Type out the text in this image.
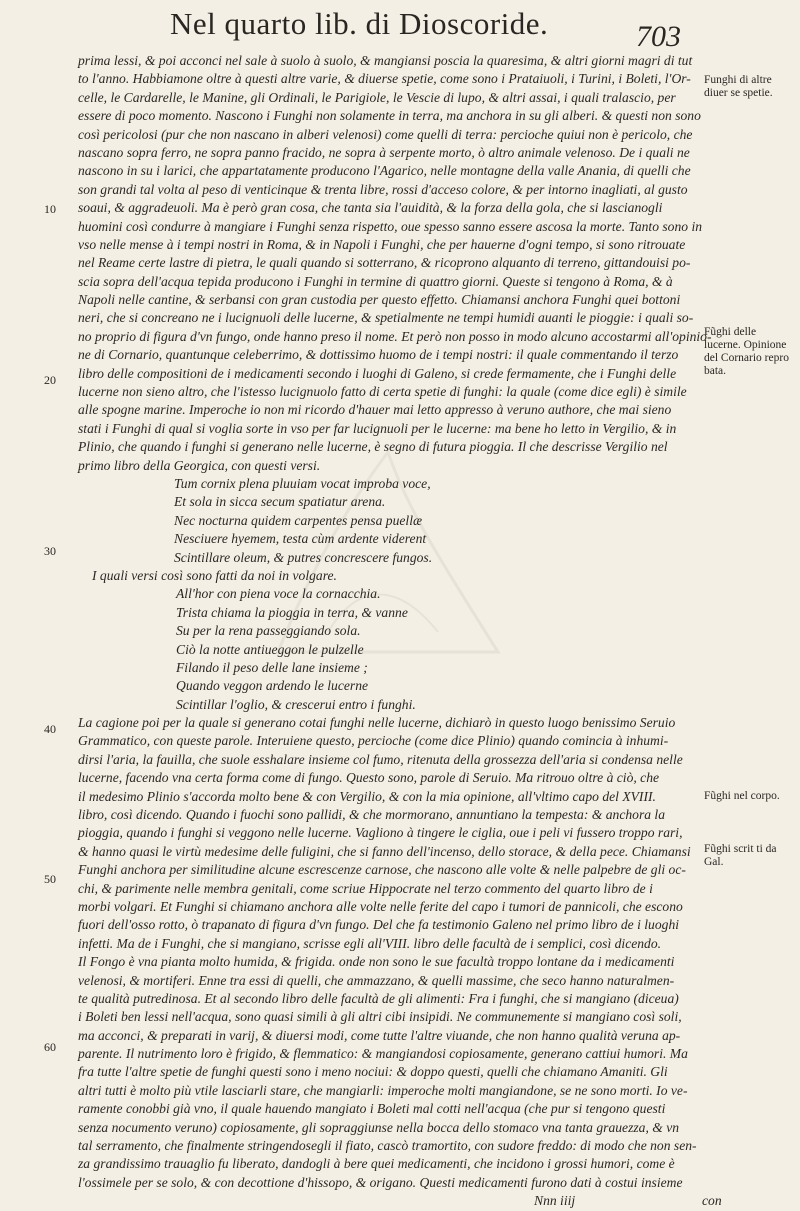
Nel quarto lib. di Dioscoride.	703
prima lessi, & poi acconci nel sale à suolo à suolo, & mangiansi poscia la quaresima, & altri giorni magri di tut
to l'anno. Habbiamone oltre à questi altre varie, & diuerse spetie, come sono i Prataiuoli, i Turini, i Boleti, l'Or-
celle, le Cardarelle, le Manine, gli Ordinali, le Parigiole, le Vescie di lupo, & altri assai, i quali tralascio, per
essere di poco momento. Nascono i Funghi non solamente in terra, ma anchora in su gli alberi. & questi non sono
così pericolosi (pur che non nascano in alberi velenosi) come quelli di terra: percioche quiui non è pericolo, che
nascano sopra ferro, ne sopra panno fracido, ne sopra à serpente morto, ò altro animale velenoso. De i quali ne
nascono in su i larici, che appartatamente producono l'Agarico, nelle montagne della valle Anania, di quelli che
son grandi tal volta al peso di venticinque & trenta libre, rossi d'acceso colore, & per intorno inagliati, al gusto
soaui, & aggradeuoli. Ma è però gran cosa, che tanta sia l'auidità, & la forza della gola, che si lascianogli
huomini così condurre à mangiare i Funghi senza rispetto, oue spesso sanno essere ascosa la morte. Tanto sono in
vso nelle mense à i tempi nostri in Roma, & in Napoli i Funghi, che per hauerne d'ogni tempo, si sono ritrouate
nel Reame certe lastre di pietra, le quali quando si sotterrano, & ricoprono alquanto di terreno, gittandouisi po-
scia sopra dell'acqua tepida producono i Funghi in termine di quattro giorni. Queste si tengono à Roma, & à
Napoli nelle cantine, & serbansi con gran custodia per questo effetto. Chiamansi anchora Funghi quei bottoni
neri, che si concreano ne i lucignuoli delle lucerne, & spetialmente ne tempi humidi auanti le pioggie: i quali so-
no proprio di figura d'vn fungo, onde hanno preso il nome. Et però non posso in modo alcuno accostarmi all'opinio-
ne di Cornario, quantunque celeberrimo, & dottissimo huomo de i tempi nostri: il quale commentando il terzo
libro delle compositioni de i medicamenti secondo i luoghi di Galeno, si crede fermamente, che i Funghi delle
lucerne non sieno altro, che l'istesso lucignuolo fatto di certa spetie di funghi: la quale (come dice egli) è simile
alle spogne marine. Imperoche io non mi ricordo d'hauer mai letto appresso à veruno authore, che mai sieno
stati i Funghi di qual si voglia sorte in vso per far lucignuoli per le lucerne: ma bene ho letto in Vergilio, & in
Plinio, che quando i funghi si generano nelle lucerne, è segno di futura pioggia. Il che descrisse Vergilio nel
primo libro della Georgica, con questi versi.
Tum cornix plena pluuiam vocat improba voce,
Et sola in sicca secum spatiatur arena.
Nec nocturna quidem carpentes pensa puellæ
Nesciuere hyemem, testa cùm ardente viderent
Scintillare oleum, & putres concrescere fungos.
I quali versi così sono fatti da noi in volgare.
All'hor con piena voce la cornacchia.
Trista chiama la pioggia in terra, & vanne
Su per la rena passeggiando sola.
Ciò la notte antiueggon le pulzelle
Filando il peso delle lane insieme ;
Quando veggon ardendo le lucerne
Scintillar l'oglio, & crescerui entro i funghi.
La cagione poi per la quale si generano cotai funghi nelle lucerne, dichiarò in questo luogo benissimo Seruio
Grammatico, con queste parole. Interuiene questo, percioche (come dice Plinio) quando comincia à inhumi-
dirsi l'aria, la fauilla, che suole esshalare insieme col fumo, ritenuta della grossezza dell'aria si condensa nelle
lucerne, facendo vna certa forma come di fungo. Questo sono, parole di Seruio. Ma ritrouo oltre à ciò, che
il medesimo Plinio s'accorda molto bene & con Vergilio, & con la mia opinione, all'vltimo capo del XVIII.
libro, così dicendo. Quando i fuochi sono pallidi, & che mormorano, annuntiano la tempesta: & anchora la
pioggia, quando i funghi si veggono nelle lucerne. Vagliono à tingere le ciglia, oue i peli vi fussero troppo rari,
& hanno quasi le virtù medesime delle fuligini, che si fanno dell'incenso, dello storace, & della pece. Chiamansi
Funghi anchora per similitudine alcune escrescenze carnose, che nascono alle volte & nelle palpebre de gli oc-
chi, & parimente nelle membra genitali, come scriue Hippocrate nel terzo commento del quarto libro de i
morbi volgari. Et Funghi si chiamano anchora alle volte nelle ferite del capo i tumori de pannicoli, che escono
fuori dell'osso rotto, ò trapanato di figura d'vn fungo. Del che fa testimonio Galeno nel primo libro de i luoghi
infetti. Ma de i Funghi, che si mangiano, scrisse egli all'VIII. libro delle facultà de i semplici, così dicendo.
Il Fongo è vna pianta molto humida, & frigida. onde non sono le sue facultà troppo lontane da i medicamenti
velenosi, & mortiferi. Enne tra essi di quelli, che ammazzano, & quelli massime, che seco hanno naturalmen-
te qualità putredinosa. Et al secondo libro delle facultà de gli alimenti: Fra i funghi, che si mangiano (diceua)
i Boleti ben lessi nell'acqua, sono quasi simili à gli altri cibi insipidi. Ne communemente si mangiano così soli,
ma acconci, & preparati in varij, & diuersi modi, come tutte l'altre viuande, che non hanno qualità veruna ap-
parente. Il nutrimento loro è frigido, & flemmatico: & mangiandosi copiosamente, generano cattiui humori. Ma
fra tutte l'altre spetie de funghi questi sono i meno nociui: & doppo questi, quelli che chiamano Amaniti. Gli
altri tutti è molto più vtile lasciarli stare, che mangiarli: imperoche molti mangiandone, se ne sono morti. Io ve-
ramente conobbi già vno, il quale hauendo mangiato i Boleti mal cotti nell'acqua (che pur si tengono questi
senza nocumento veruno) copiosamente, gli sopraggiunse nella bocca dello stomaco vna tanta grauezza, & vn
tal serramento, che finalmente stringendosegli il fiato, cascò tramortito, con sudore freddo: di modo che non sen-
za grandissimo trauaglio fu liberato, dandogli à bere quei medicamenti, che incidono i grossi humori, come è
l'ossimele per se solo, & con decottione d'hissopo, & origano. Questi medicamenti furono dati à costui insieme
Nnn iiij	con
Funghi di altre diuer se spetie.
Fũghi delle lucerne. Opinione del Cornario repro bata.
Fũghi nel corpo.
Fũghi scrit ti da Gal.
10
20
30
40
50
60
